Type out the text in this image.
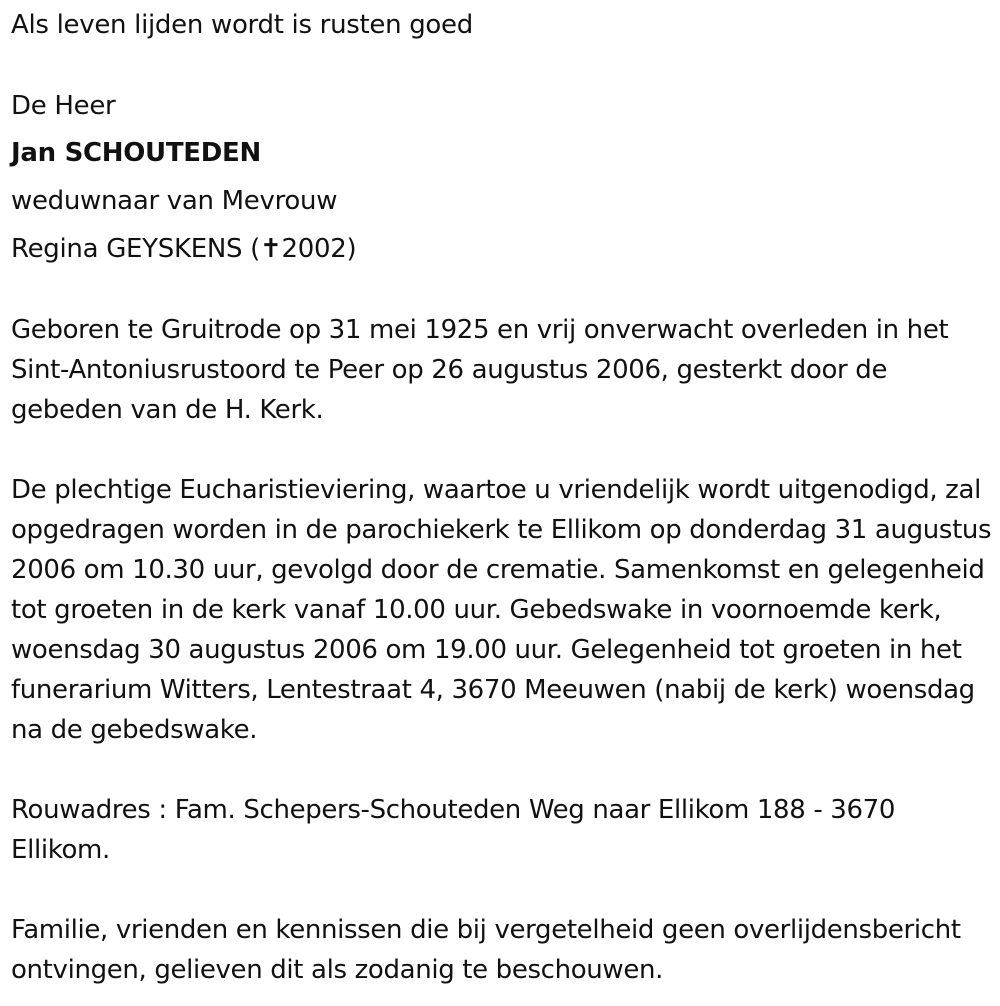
Als leven lijden wordt is rusten goed
De Heer
Jan SCHOUTEDEN
weduwnaar van Mevrouw
Regina GEYSKENS (✝2002)
Geboren te Gruitrode op 31 mei 1925 en vrij onverwacht overleden in het Sint-Antoniusrustoord te Peer op 26 augustus 2006, gesterkt door de gebeden van de H. Kerk.
De plechtige Eucharistieviering, waartoe u vriendelijk wordt uitgenodigd, zal opgedragen worden in de parochiekerk te Ellikom op donderdag 31 augustus 2006 om 10.30 uur, gevolgd door de crematie. Samenkomst en gelegenheid tot groeten in de kerk vanaf 10.00 uur. Gebedswake in voornoemde kerk, woensdag 30 augustus 2006 om 19.00 uur. Gelegenheid tot groeten in het funerarium Witters, Lentestraat 4, 3670 Meeuwen (nabij de kerk) woensdag na de gebedswake.
Rouwadres : Fam. Schepers-Schouteden Weg naar Ellikom 188 - 3670 Ellikom.
Familie, vrienden en kennissen die bij vergetelheid geen overlijdensbericht ontvingen, gelieven dit als zodanig te beschouwen.
